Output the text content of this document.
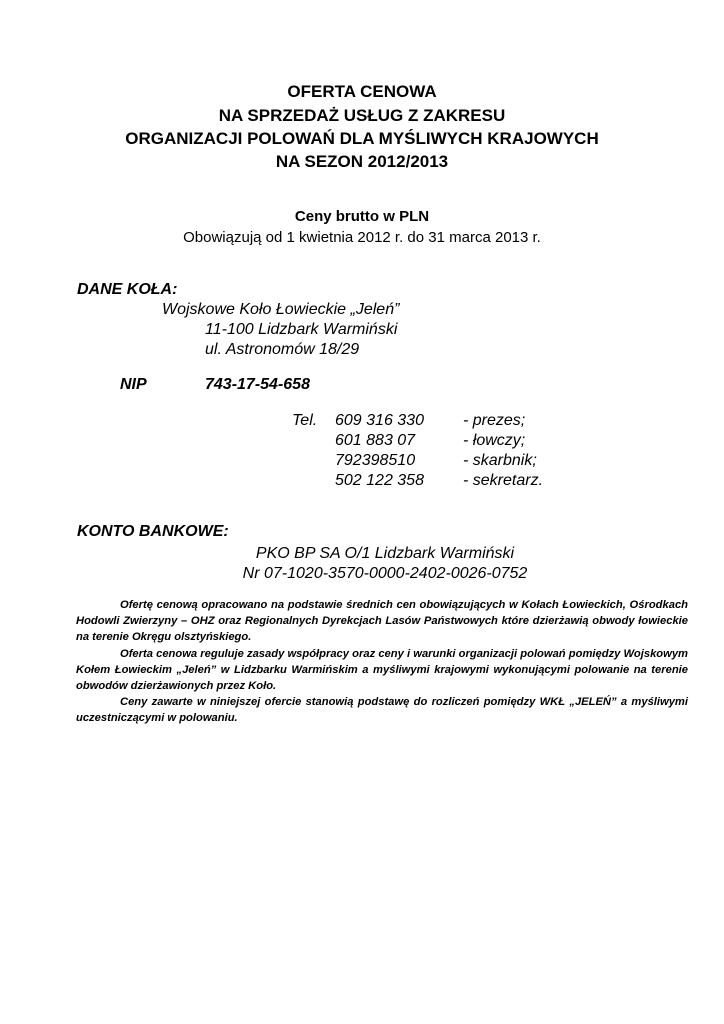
OFERTA CENOWA
NA SPRZEDAŻ USŁUG Z ZAKRESU
ORGANIZACJI POLOWAŃ DLA MYŚLIWYCH KRAJOWYCH
NA SEZON 2012/2013
Ceny brutto w PLN
Obowiązują od 1 kwietnia 2012 r. do 31 marca 2013 r.
DANE KOŁA:
Wojskowe Koło Łowieckie „Jeleń”
11-100 Lidzbark Warmiński
ul. Astronomów 18/29
NIP	743-17-54-658
Tel. 609 316 330 - prezes;
601 883 07	- łowczy;
792398510	- skarbnik;
502 122 358 - sekretarz.
KONTO BANKOWE:
PKO BP SA O/1 Lidzbark Warmiński
Nr 07-1020-3570-0000-2402-0026-0752

Ofertę cenową opracowano na podstawie średnich cen obowiązujących w Kołach Łowieckich, Ośrodkach Hodowli Zwierzyny – OHZ oraz Regionalnych Dyrekcjach Lasów Państwowych które dzierżawią obwody łowieckie na terenie Okręgu olsztyńskiego.

Oferta cenowa reguluje zasady współpracy oraz ceny i warunki organizacji polowań pomiędzy Wojskowym Kołem Łowieckim „Jeleń” w Lidzbarku Warmińskim a myśliwymi krajowymi wykonującymi polowanie na terenie obwodów dzierżawionych przez Koło.

Ceny zawarte w niniejszej ofercie stanowią podstawę do rozliczeń pomiędzy WKŁ „JELEŃ” a myśliwymi uczestniczącymi w polowaniu.
